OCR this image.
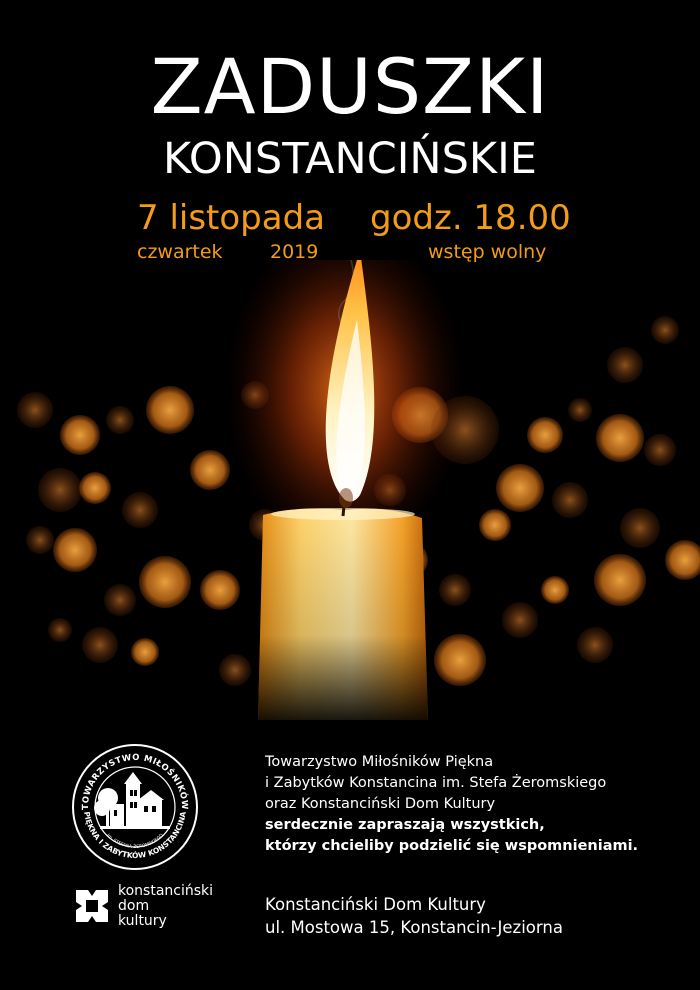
ZADUSZKI
KONSTANCIŃSKIE
7 listopada godz. 18.00
czwartek 2019	wstęp wolny
TOWARZYSTWO MIŁOŚNIKÓW
PIĘKNA I ZABYTKÓW KONSTANCINA
im. STEFANA ŻEROMSKIEGO
Towarzystwo Miłośników Piękna
i Zabytków Konstancina im. Stefa Żeromskiego
oraz Konstanciński Dom Kultury
serdecznie zapraszają wszystkich,
którzy chcieliby podzielić się wspomnieniami.
konstanciński
dom
kultury
Konstanciński Dom Kultury
ul. Mostowa 15, Konstancin-Jeziorna
